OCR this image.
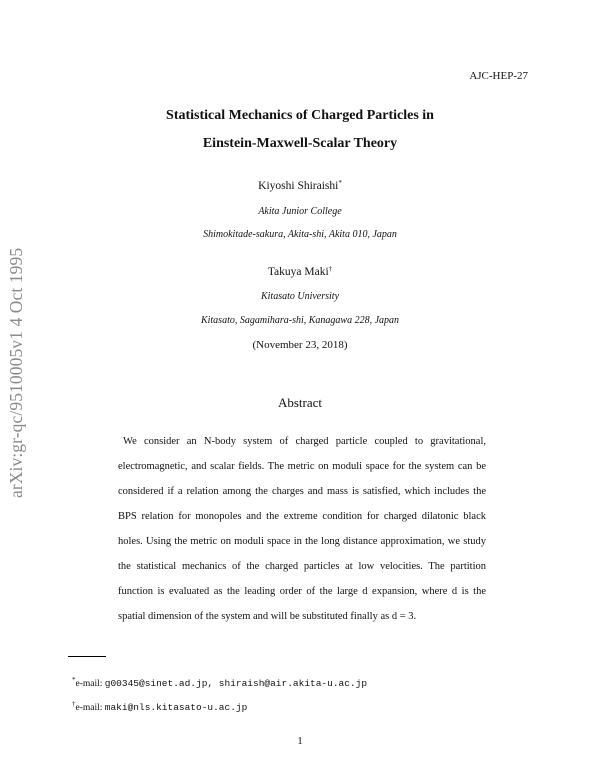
AJC-HEP-27
arXiv:gr-qc/9510005v1 4 Oct 1995
Statistical Mechanics of Charged Particles in
Einstein-Maxwell-Scalar Theory
Kiyoshi Shiraishi*
Akita Junior College
Shimokitade-sakura, Akita-shi, Akita 010, Japan
Takuya Maki†
Kitasato University
Kitasato, Sagamihara-shi, Kanagawa 228, Japan
(November 23, 2018)
Abstract
We consider an N-body system of charged particle coupled to gravitational, electromagnetic, and scalar fields. The metric on moduli space for the system can be considered if a relation among the charges and mass is satisfied, which includes the BPS relation for monopoles and the extreme condition for charged dilatonic black holes. Using the metric on moduli space in the long distance approximation, we study the statistical mechanics of the charged particles at low velocities. The partition function is evaluated as the leading order of the large d expansion, where d is the spatial dimension of the system and will be substituted finally as d = 3.
*e-mail: g00345@sinet.ad.jp, shiraish@air.akita-u.ac.jp
†e-mail: maki@nls.kitasato-u.ac.jp
1
